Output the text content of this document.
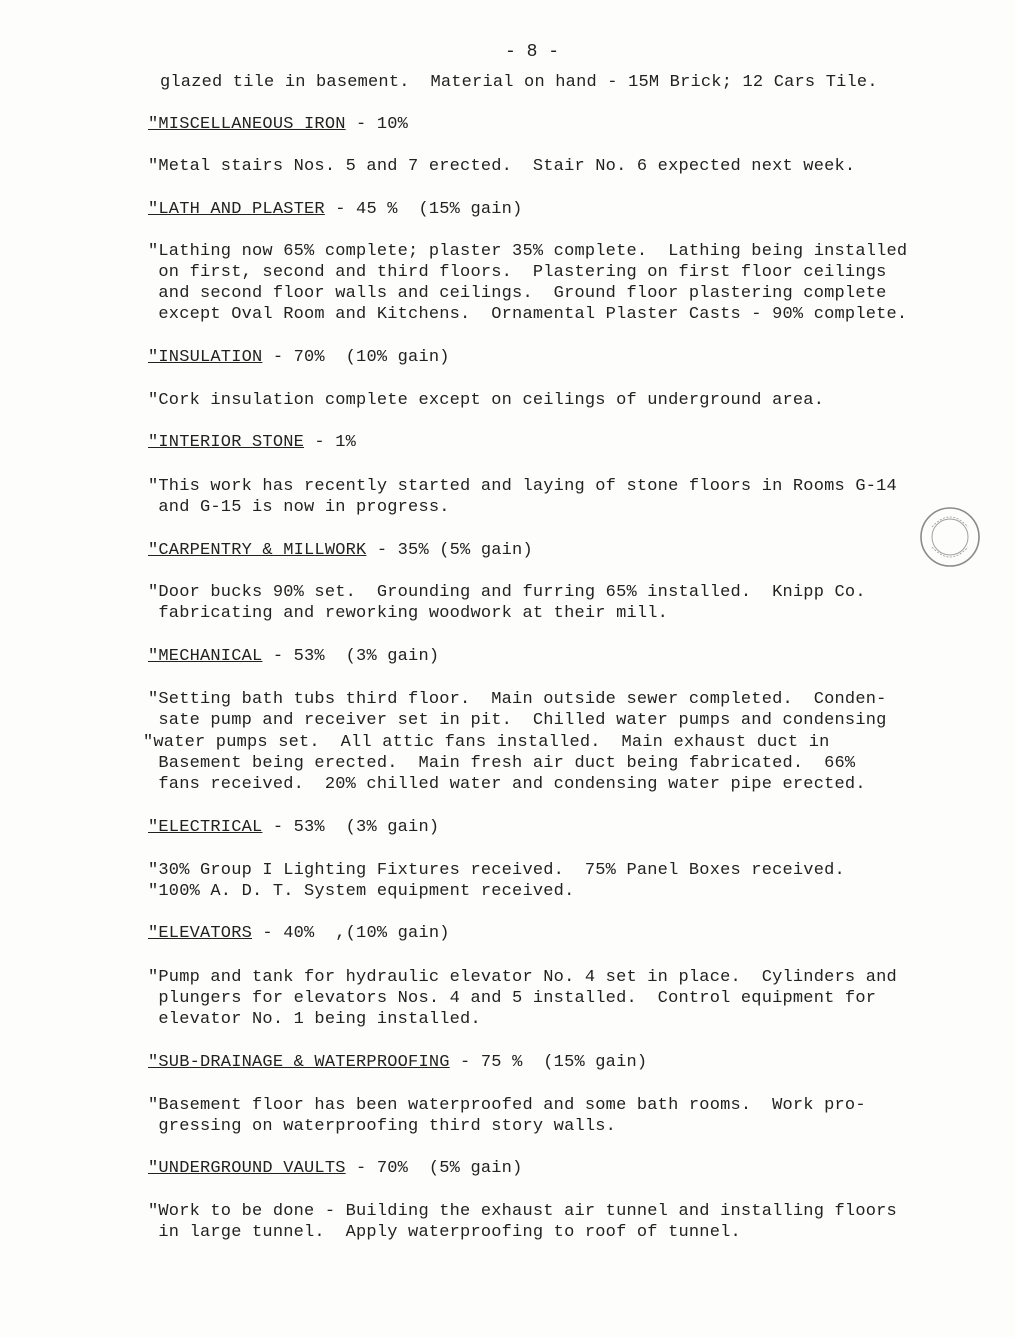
- 8 -
glazed tile in basement.  Material on hand - 15M Brick; 12 Cars Tile.
"MISCELLANEOUS IRON - 10%
"Metal stairs Nos. 5 and 7 erected.  Stair No. 6 expected next week.
"LATH AND PLASTER - 45 %  (15% gain)
"Lathing now 65% complete; plaster 35% complete.  Lathing being installed
on first, second and third floors.  Plastering on first floor ceilings
and second floor walls and ceilings.  Ground floor plastering complete
except Oval Room and Kitchens.  Ornamental Plaster Casts - 90% complete.
"INSULATION - 70%  (10% gain)
"Cork insulation complete except on ceilings of underground area.
"INTERIOR STONE - 1%
"This work has recently started and laying of stone floors in Rooms G-14
and G-15 is now in progress.
"CARPENTRY & MILLWORK - 35% (5% gain)
"Door bucks 90% set.  Grounding and furring 65% installed.  Knipp Co.
fabricating and reworking woodwork at their mill.
"MECHANICAL - 53%  (3% gain)
"Setting bath tubs third floor.  Main outside sewer completed.  Conden-
sate pump and receiver set in pit.  Chilled water pumps and condensing
"water pumps set.  All attic fans installed.  Main exhaust duct in
Basement being erected.  Main fresh air duct being fabricated.  66%
fans received.  20% chilled water and condensing water pipe erected.
"ELECTRICAL - 53%  (3% gain)
"30% Group I Lighting Fixtures received.  75% Panel Boxes received.
"100% A. D. T. System equipment received.
"ELEVATORS - 40%  ,(10% gain)
"Pump and tank for hydraulic elevator No. 4 set in place.  Cylinders and
plungers for elevators Nos. 4 and 5 installed.  Control equipment for
elevator No. 1 being installed.
"SUB-DRAINAGE & WATERPROOFING - 75 %  (15% gain)
"Basement floor has been waterproofed and some bath rooms.  Work pro-
gressing on waterproofing third story walls.
"UNDERGROUND VAULTS - 70%  (5% gain)
"Work to be done - Building the exhaust air tunnel and installing floors
in large tunnel.  Apply waterproofing to roof of tunnel.
